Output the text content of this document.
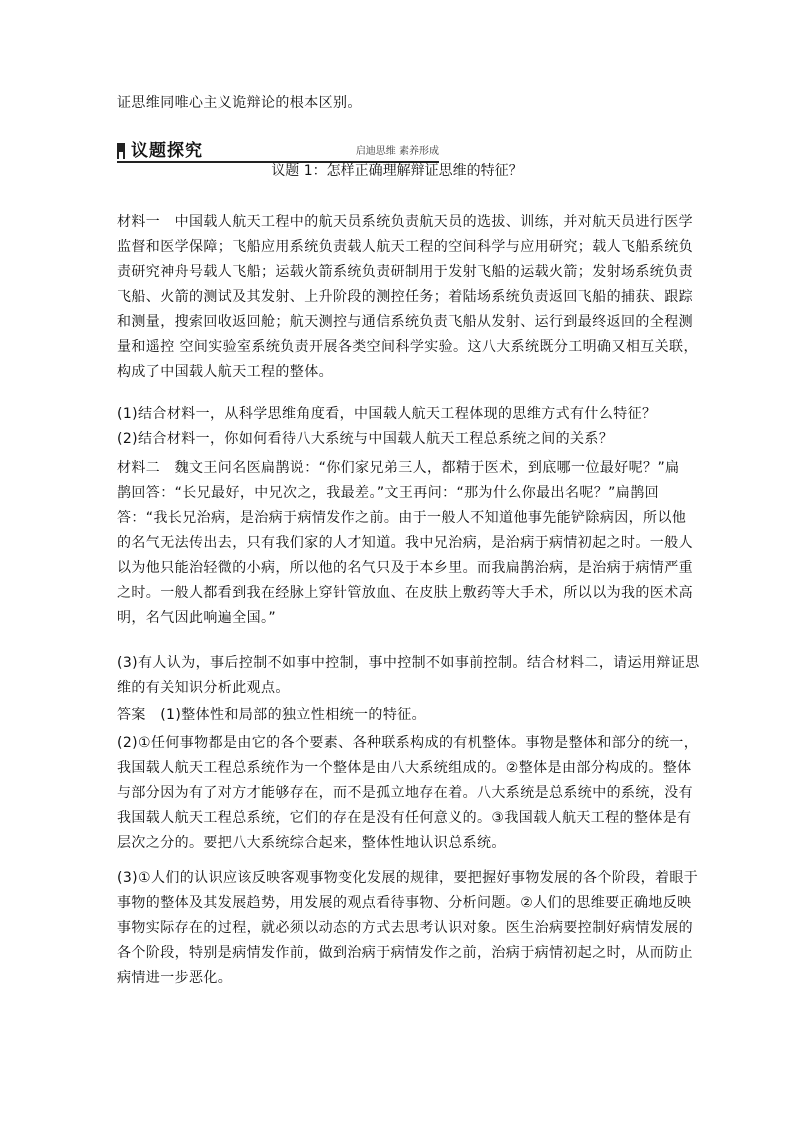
证思维同唯心主义诡辩论的根本区别。

议题探究	启迪思维 素养形成

议题 1：怎样正确理解辩证思维的特征？

材料一　中国载人航天工程中的航天员系统负责航天员的选拔、训练，并对航天员进行医学
监督和医学保障；飞船应用系统负责载人航天工程的空间科学与应用研究；载人飞船系统负
责研究神舟号载人飞船；运载火箭系统负责研制用于发射飞船的运载火箭；发射场系统负责
飞船、火箭的测试及其发射、上升阶段的测控任务；着陆场系统负责返回飞船的捕获、跟踪
和测量，搜索回收返回舱；航天测控与通信系统负责飞船从发射、运行到最终返回的全程测
量和遥控 空间实验室系统负责开展各类空间科学实验。这八大系统既分工明确又相互关联，
构成了中国载人航天工程的整体。

(1)结合材料一，从科学思维角度看，中国载人航天工程体现的思维方式有什么特征？

(2)结合材料一，你如何看待八大系统与中国载人航天工程总系统之间的关系？

材料二　魏文王问名医扁鹊说：“你们家兄弟三人，都精于医术，到底哪一位最好呢？”扁
鹊回答：“长兄最好，中兄次之，我最差。”文王再问：“那为什么你最出名呢？”扁鹊回
答：“我长兄治病，是治病于病情发作之前。由于一般人不知道他事先能铲除病因，所以他
的名气无法传出去，只有我们家的人才知道。我中兄治病，是治病于病情初起之时。一般人
以为他只能治轻微的小病，所以他的名气只及于本乡里。而我扁鹊治病，是治病于病情严重
之时。一般人都看到我在经脉上穿针管放血、在皮肤上敷药等大手术，所以以为我的医术高
明，名气因此响遍全国。”

(3)有人认为，事后控制不如事中控制，事中控制不如事前控制。结合材料二，请运用辩证思
维的有关知识分析此观点。

答案　(1)整体性和局部的独立性相统一的特征。

(2)①任何事物都是由它的各个要素、各种联系构成的有机整体。事物是整体和部分的统一，
我国载人航天工程总系统作为一个整体是由八大系统组成的。②整体是由部分构成的。整体
与部分因为有了对方才能够存在，而不是孤立地存在着。八大系统是总系统中的系统，没有
我国载人航天工程总系统，它们的存在是没有任何意义的。③我国载人航天工程的整体是有
层次之分的。要把八大系统综合起来，整体性地认识总系统。

(3)①人们的认识应该反映客观事物变化发展的规律，要把握好事物发展的各个阶段，着眼于
事物的整体及其发展趋势，用发展的观点看待事物、分析问题。②人们的思维要正确地反映
事物实际存在的过程，就必须以动态的方式去思考认识对象。医生治病要控制好病情发展的
各个阶段，特别是病情发作前，做到治病于病情发作之前，治病于病情初起之时，从而防止
病情进一步恶化。
